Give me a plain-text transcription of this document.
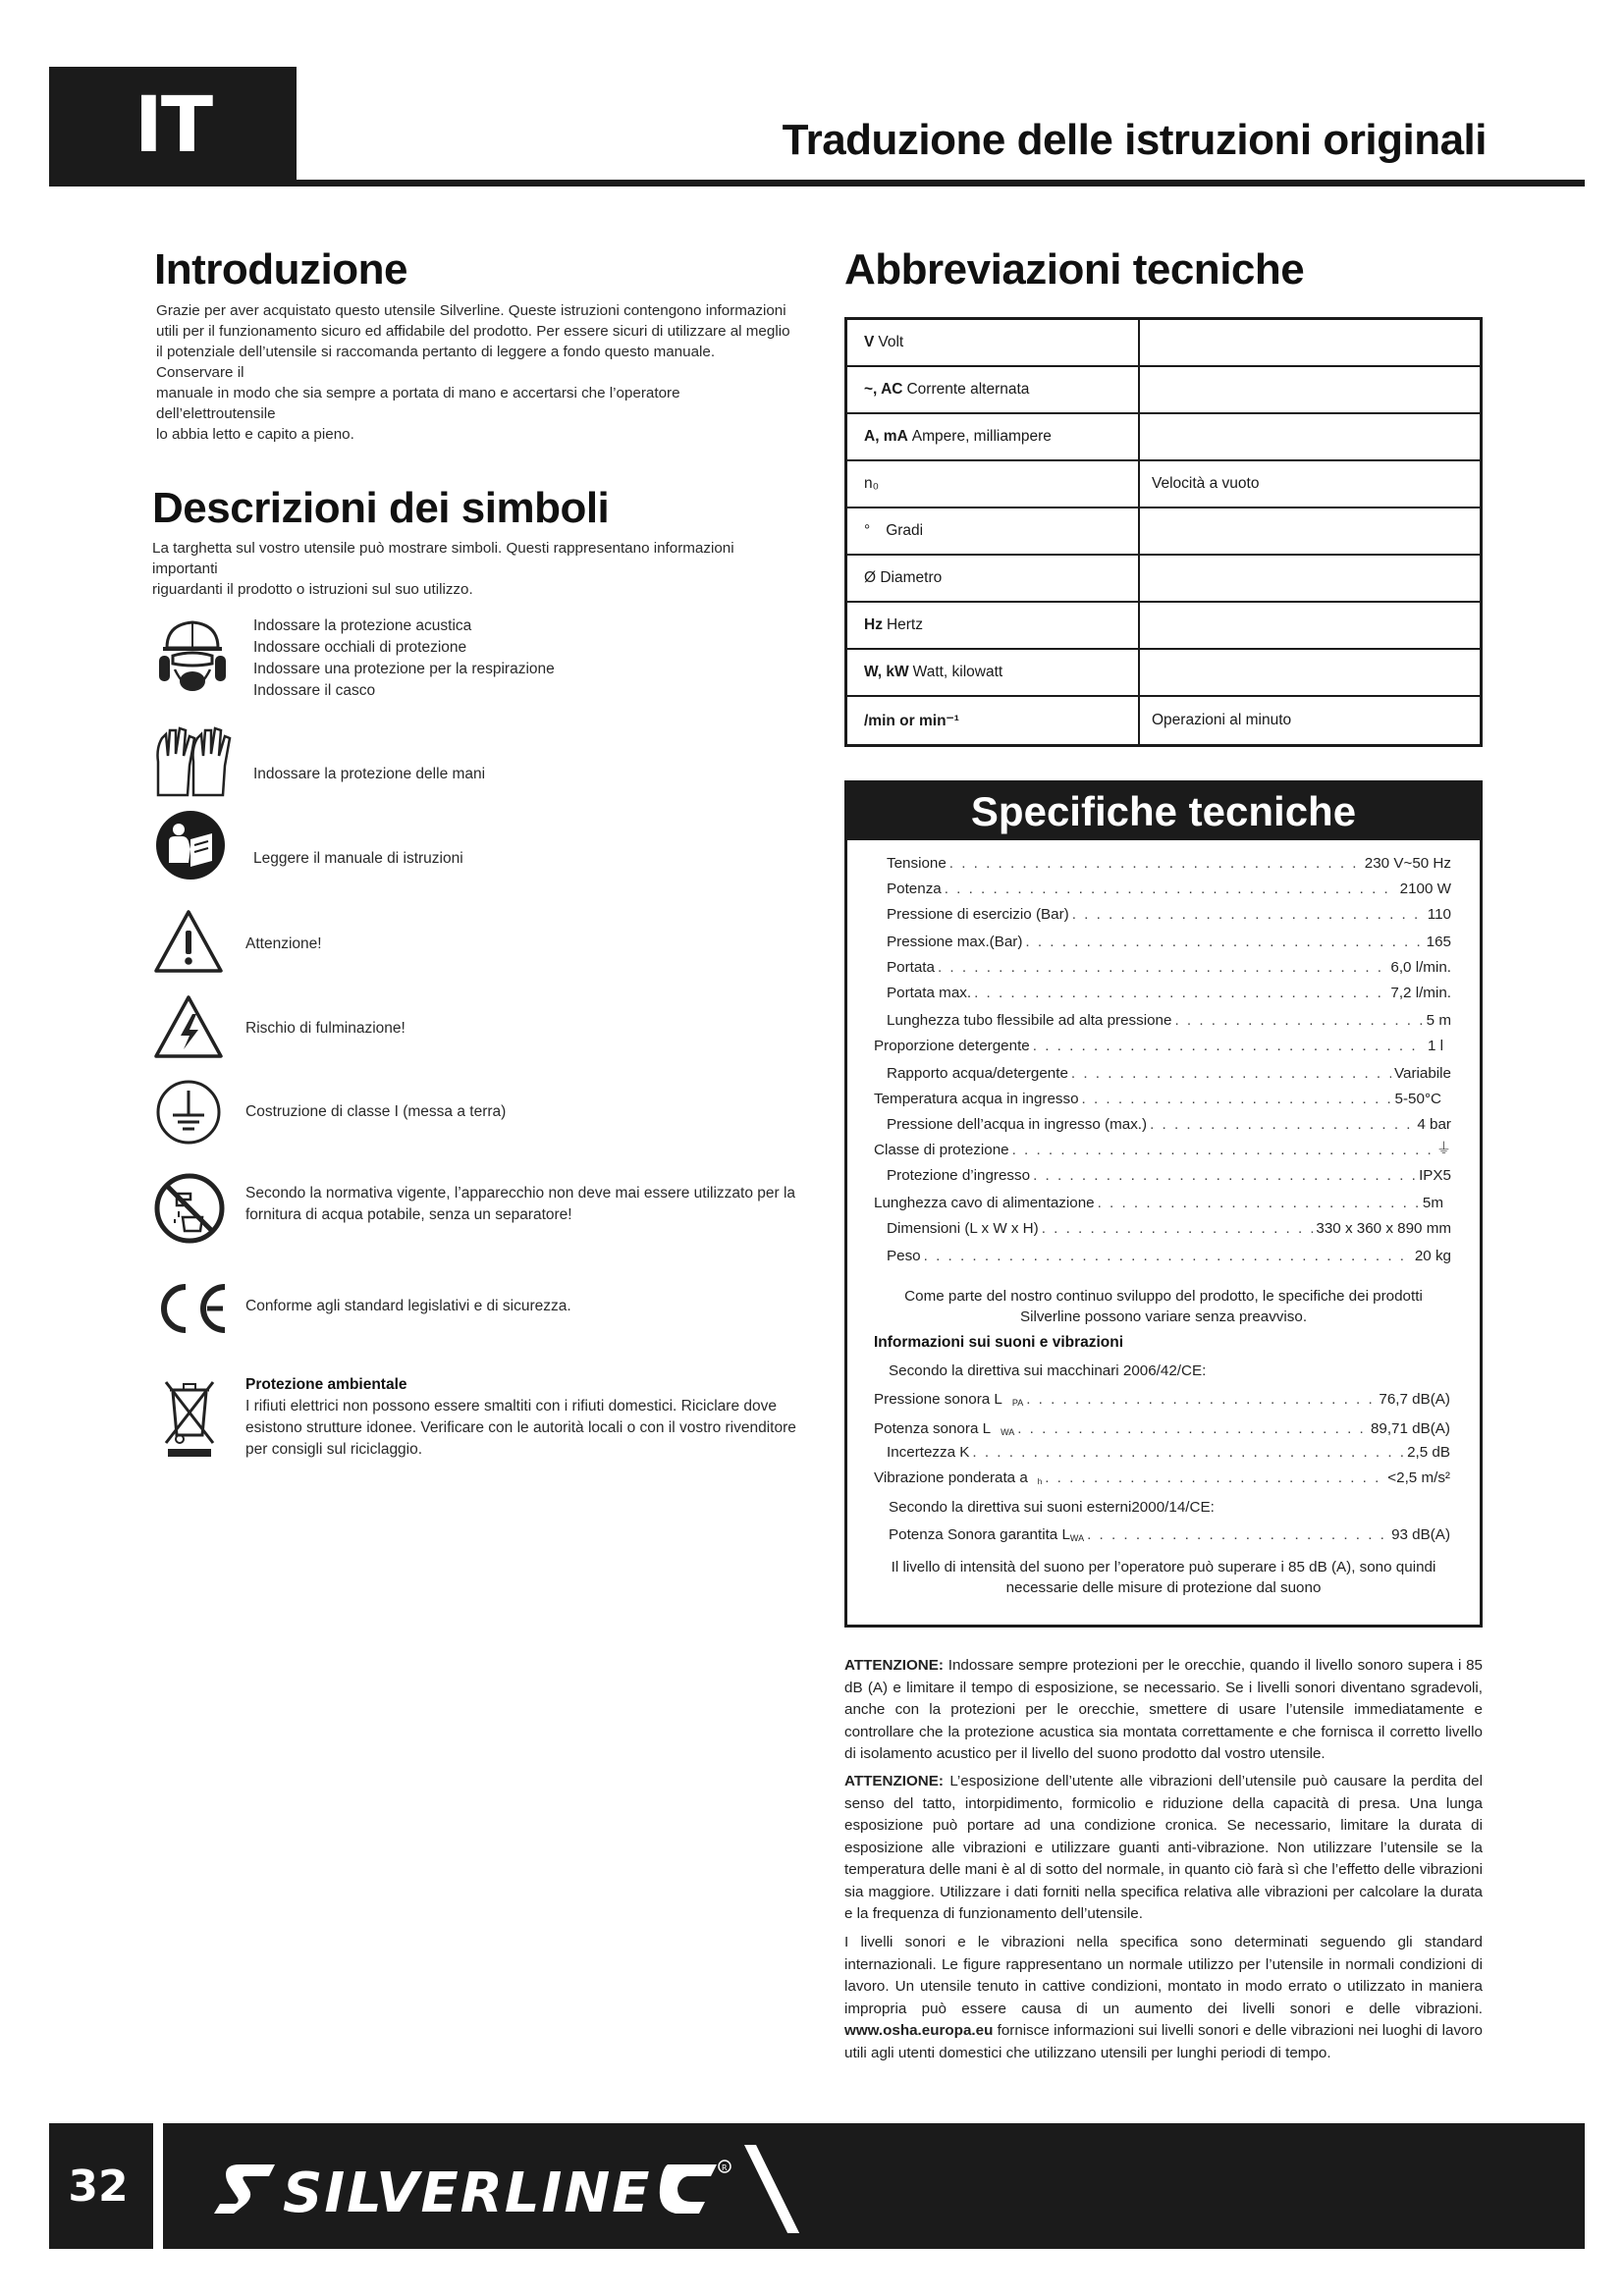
IT	Traduzione delle istruzioni originali
Introduzione
Grazie per aver acquistato questo utensile Silverline. Queste istruzioni contengono informazioni
utili per il funzionamento sicuro ed affidabile del prodotto. Per essere sicuri di utilizzare al meglio
il potenziale dell’utensile si raccomanda pertanto di leggere a fondo questo manuale. Conservare il
manuale in modo che sia sempre a portata di mano e accertarsi che l’operatore dell’elettroutensile
lo abbia letto e capito a pieno.
Descrizioni dei simboli
La targhetta sul vostro utensile può mostrare simboli. Questi rappresentano informazioni importanti
riguardanti il prodotto o istruzioni sul suo utilizzo.
Indossare la protezione acustica
Indossare occhiali di protezione
Indossare una protezione per la respirazione
Indossare il casco
Indossare la protezione delle mani
Leggere il manuale di istruzioni
Attenzione!
Rischio di fulminazione!
Costruzione di classe I (messa a terra)
Secondo la normativa vigente, l’apparecchio non deve mai essere utilizzato per la
fornitura di acqua potabile, senza un separatore!
Conforme agli standard legislativi e di sicurezza.
Protezione ambientale
I rifiuti elettrici non possono essere smaltiti con i rifiuti domestici. Riciclare dove
esistono strutture idonee. Verificare con le autorità locali o con il vostro rivenditore
per consigli sul riciclaggio.
Abbreviazioni tecniche
V Volt
~, AC Corrente alternata
A, mA Ampere, milliampere
n₀	Velocità a vuoto
° Gradi
Ø Diametro
Hz Hertz
W, kW Watt, kilowatt
/min or min⁻¹	Operazioni al minuto
Specifiche tecniche
Tensione . . .	230 V~50 Hz
Potenza . . .	2100 W
Pressione di esercizio (Bar) . . .	110
Pressione max.(Bar) . . .	165
Portata . . .	6,0 l/min.
Portata max. . . .	7,2 l/min.
Lunghezza tubo flessibile ad alta pressione . . .	5 m
Proporzione detergente . . .	1 l
Rapporto acqua/detergente . . .	Variabile
Temperatura acqua in ingresso . . .	5-50°C
Pressione dell’acqua in ingresso (max.) . . .	4 bar
Classe di protezione . . .	⏚
Protezione d’ingresso . . .	IPX5
Lunghezza cavo di alimentazione . . .	5m
Dimensioni (L x W x H) . . .	330 x 360 x 890 mm
Peso . . .	20 kg
Come parte del nostro continuo sviluppo del prodotto, le specifiche dei prodotti
Silverline possono variare senza preavviso.
Informazioni sui suoni e vibrazioni
Secondo la direttiva sui macchinari 2006/42/CE:
Pressione sonora L $_{PA}$ . . .	76,7 dB(A)
Potenza sonora L $_{WA}$ . . .	89,71 dB(A)
Incertezza K . . .	2,5 dB
Vibrazione ponderata a $_h$ . . .	<2,5 m/s²
Secondo la direttiva sui suoni esterni2000/14/CE:
Potenza Sonora garantita $L_{WA}$ . . .	93 dB(A)
Il livello di intensità del suono per l’operatore può superare i 85 dB (A), sono quindi
necessarie delle misure di protezione dal suono
ATTENZIONE: Indossare sempre protezioni per le orecchie, quando il livello sonoro supera i 85 dB (A) e limitare il tempo di esposizione, se necessario. Se i livelli sonori diventano sgradevoli, anche con la protezioni per le orecchie, smettere di usare l’utensile immediatamente e controllare che la protezione acustica sia montata correttamente e che fornisca il corretto livello di isolamento acustico per il livello del suono prodotto dal vostro utensile.
ATTENZIONE: L’esposizione dell’utente alle vibrazioni dell’utensile può causare la perdita del senso del tatto, intorpidimento, formicolio e riduzione della capacità di presa. Una lunga esposizione può portare ad una condizione cronica. Se necessario, limitare la durata di esposizione alle vibrazioni e utilizzare guanti anti-vibrazione. Non utilizzare l’utensile se la temperatura delle mani è al di sotto del normale, in quanto ciò farà sì che l’effetto delle vibrazioni sia maggiore. Utilizzare i dati forniti nella specifica relativa alle vibrazioni per calcolare la durata e la frequenza di funzionamento dell’utensile.
I livelli sonori e le vibrazioni nella specifica sono determinati seguendo gli standard internazionali. Le figure rappresentano un normale utilizzo per l’utensile in normali condizioni di lavoro. Un utensile tenuto in cattive condizioni, montato in modo errato o utilizzato in maniera impropria può essere causa di un aumento dei livelli sonori e delle vibrazioni. www.osha.europa.eu fornisce informazioni sui livelli sonori e delle vibrazioni nei luoghi di lavoro utili agli utenti domestici che utilizzano utensili per lunghi periodi di tempo.
32	SILVERLINE	R
